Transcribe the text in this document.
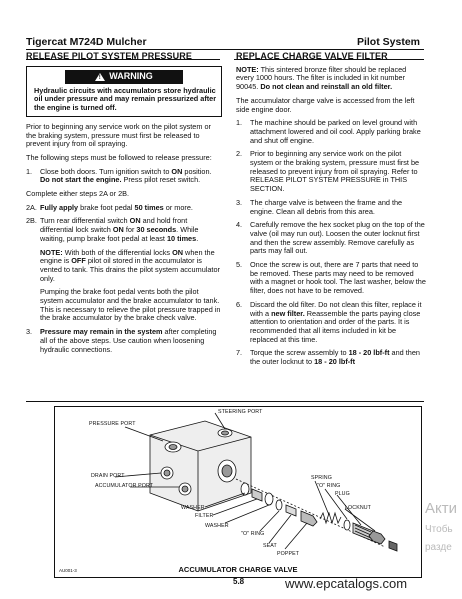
Tigercat M724D Mulcher	Pilot System
RELEASE PILOT SYSTEM PRESSURE
! WARNING
Hydraulic circuits with accumulators store hydraulic oil under pressure and may remain pressurized after the engine is turned off.

Prior to beginning any service work on the pilot system or the braking system, pressure must first be released to prevent injury from oil spraying.

The following steps must be followed to release pressure:

1.	Close both doors. Turn ignition switch to ON position. Do not start the engine. Press pilot reset switch.

Complete either steps 2A or 2B.

2A. Fully apply brake foot pedal 50 times or more.
2B. Turn rear differential switch ON and hold front differential lock switch ON for 30 seconds. While waiting, pump brake foot pedal at least 10 times.

NOTE: With both of the differential locks ON when the engine is OFF pilot oil stored in the accumulator is vented to tank. This drains the pilot system accumulator only.

Pumping the brake foot pedal vents both the pilot system accumulator and the brake accumulator to tank. This is necessary to relieve the pilot pressure trapped in the brake accumulator by the brake check valve.

3.	Pressure may remain in the system after completing all of the above steps. Use caution when loosening hydraulic connections.
REPLACE CHARGE VALVE FILTER

NOTE: This sintered bronze filter should be replaced every 1000 hours. The filter is included in kit number 90045. Do not clean and reinstall an old filter.

The accumulator charge valve is accessed from the left side engine door.

1.	The machine should be parked on level ground with attachment lowered and oil cool. Apply parking brake and shut off engine.
2.	Prior to beginning any service work on the pilot system or the braking system, pressure must first be released to prevent injury from oil spraying. Refer to RELEASE PILOT SYSTEM PRESSURE in THIS SECTION.
3.	The charge valve is between the frame and the engine. Clean all debris from this area.
4.	Carefully remove the hex socket plug on the top of the valve (oil may run out). Loosen the outer locknut first and then the screw assembly. Remove carefully as parts may fall out.
5.	Once the screw is out, there are 7 parts that need to be removed. These parts may need to be removed with a magnet or hook tool. The last washer, below the filter, does not have to be removed.
6.	Discard the old filter. Do not clean this filter, replace it with a new filter. Reassemble the parts paying close attention to orientation and order of the parts. It is recommended that all items included in kit be replaced at this time.
7.	Torque the screw assembly to 18 - 20 lbf-ft and then the outer locknut to 18 - 20 lbf-ft
PRESSURE PORT
STEERING PORT
DRAIN PORT
ACCUMULATOR PORT
SPRING
"O" RING
PLUG
LOCKNUT
WASHER
FILTER
WASHER
"O" RING
SEAT
POPPET
AU001-3	ACCUMULATOR CHARGE VALVE
5.8	www.epcatalogs.com
Акти
Чтобь
разде
